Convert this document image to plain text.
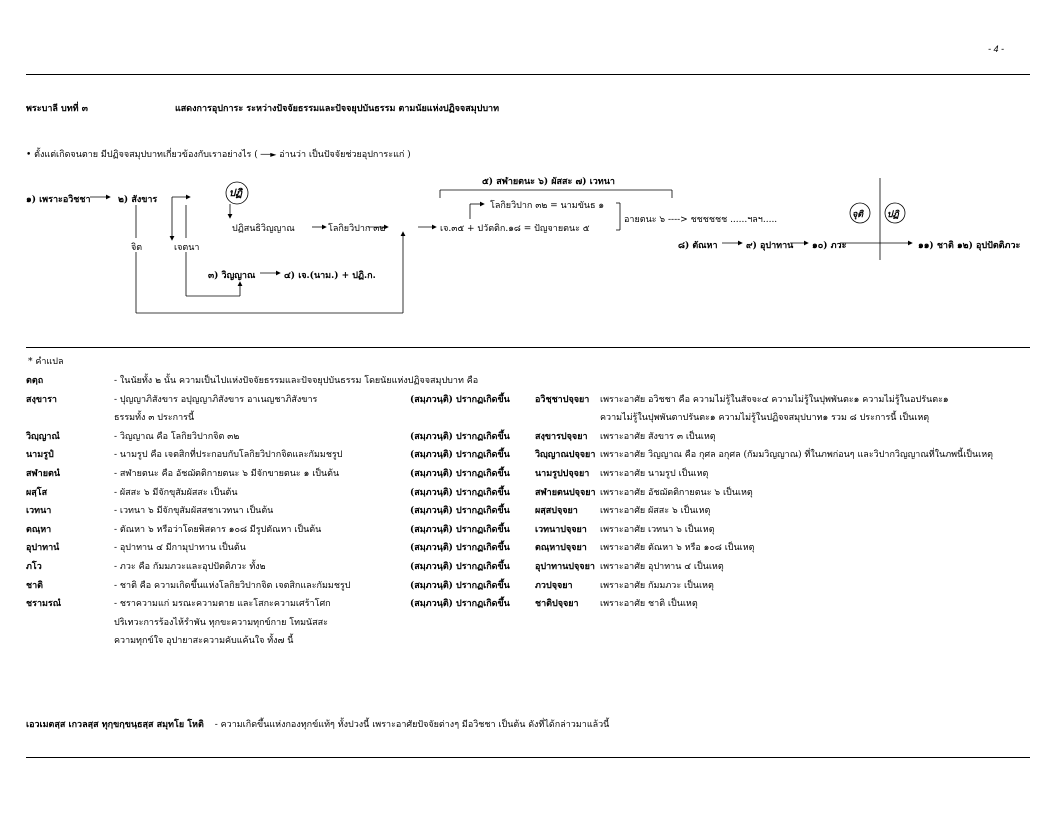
- 4 -
พระบาลี บทที่ ๓	แสดงการอุปการะ ระหว่างปัจจัยธรรมและปัจจยุปบันธรรม ตามนัยแห่งปฏิจจสมุปบาท
• ตั้งแต่เกิดจนตาย มีปฏิจจสมุปบาทเกี่ยวข้องกับเราอย่างไร ( ──► อ่านว่า เป็นปัจจัยช่วยอุปการะแก่ )
๑) เพราะอวิชชา	๒) สังขาร
ปฏิ
จิต	เจตนา
ปฏิสนธิวิญญาณ	โลกิยวิปาก ๓๒
๓) วิญญาณ	๔) เจ.(นาม.) + ปฏิ.ก.
๕) สฬายตนะ ๖) ผัสสะ ๗) เวทนา
โลกิยวิปาก ๓๒ = นามขันธ ๑
เจ.๓๕ + ปวัตติก.๑๘ = ปัญจายตนะ ๕
อายตนะ ๖ ----> ชชชชชช ......ฯลฯ.....	จุติ	ปฏิ
๘) ตัณหา	๙) อุปาทาน ๑๐) ภวะ	๑๑) ชาติ ๑๒) อุปปัตติภวะ
* คำแปล
ตตฺถ	- ในนัยทั้ง ๒ นั้น ความเป็นไปแห่งปัจจัยธรรมและปัจจยุปบันธรรม โดยนัยแห่งปฏิจจสมุปบาท คือ
สงฺขารา	- ปุญญาภิสังขาร อปุญญาภิสังขาร อาเนญชาภิสังขาร	(สมฺภวนฺติ) ปรากฏเกิดขึ้น	อวิชฺชาปจฺจยา เพราะอาศัย อวิชชา คือ ความไม่รู้ในสัจจะ๔ ความไม่รู้ในปุพพันตะ๑ ความไม่รู้ในอปรันตะ๑
ธรรมทั้ง ๓ ประการนี้	ความไม่รู้ในปุพพันตาปรันตะ๑ ความไม่รู้ในปฏิจจสมุปบาท๑ รวม ๘ ประการนี้ เป็นเหตุ
วิญฺญาณํ	- วิญญาณ คือ โลกิยวิปากจิต ๓๒	(สมฺภวนฺติ) ปรากฏเกิดขึ้น	สงฺขารปจฺจยา เพราะอาศัย สังขาร ๓ เป็นเหตุ
นามรูปํ	- นามรูป คือ เจตสิกที่ประกอบกับโลกิยวิปากจิตและกัมมชรูป	(สมฺภวนฺติ) ปรากฏเกิดขึ้น	วิญฺญาณปจฺจยา เพราะอาศัย วิญญาณ คือ กุศล อกุศล (กัมมวิญญาณ) ที่ในภพก่อนๆ และวิปากวิญญาณที่ในภพนี้เป็นเหตุ
สฬายตนํ	- สฬายตนะ คือ อัชฌัตติกายตนะ ๖ มีจักขายตนะ ๑ เป็นต้น	(สมฺภวนฺติ) ปรากฏเกิดขึ้น	นามรูปปจฺจยา เพราะอาศัย นามรูป เป็นเหตุ
ผสฺโส	- ผัสสะ ๖ มีจักขุสัมผัสสะ เป็นต้น	(สมฺภวนฺติ) ปรากฏเกิดขึ้น	สฬายตนปจฺจยา เพราะอาศัย อัชฌัตติกายตนะ ๖ เป็นเหตุ
เวทนา	- เวทนา ๖ มีจักขุสัมผัสสชาเวทนา เป็นต้น	(สมฺภวนฺติ) ปรากฏเกิดขึ้น	ผสฺสปจฺจยา เพราะอาศัย ผัสสะ ๖ เป็นเหตุ
ตณฺหา	- ตัณหา ๖ หรือว่าโดยพิสดาร ๑๐๘ มีรูปตัณหา เป็นต้น	(สมฺภวนฺติ) ปรากฏเกิดขึ้น	เวทนาปจฺจยา เพราะอาศัย เวทนา ๖ เป็นเหตุ
อุปาทานํ	- อุปาทาน ๔ มีกามุปาทาน เป็นต้น	(สมฺภวนฺติ) ปรากฏเกิดขึ้น	ตณฺหาปจฺจยา เพราะอาศัย ตัณหา ๖ หรือ ๑๐๘ เป็นเหตุ
ภโว	- ภวะ คือ กัมมภวะและอุปปัตติภวะ ทั้ง๒	(สมฺภวนฺติ) ปรากฏเกิดขึ้น	อุปาทานปจฺจยา เพราะอาศัย อุปาทาน ๔ เป็นเหตุ
ชาติ	- ชาติ คือ ความเกิดขึ้นแห่งโลกิยวิปากจิต เจตสิกและกัมมชรูป	(สมฺภวนฺติ) ปรากฏเกิดขึ้น	ภวปจฺจยา	เพราะอาศัย กัมมภวะ เป็นเหตุ
ชรามรณํ	- ชราความแก่ มรณะความตาย และโสกะความเศร้าโศก	(สมฺภวนฺติ) ปรากฏเกิดขึ้น	ชาติปจฺจยา เพราะอาศัย ชาติ เป็นเหตุ
ปริเทวะการร้องไห้รำพัน ทุกขะความทุกข์กาย โทมนัสสะ
ความทุกข์ใจ อุปายาสะความคับแค้นใจ ทั้ง๗ นี้
เอวเมตสฺส เกวลสฺส ทุกฺขกฺขนฺธสฺส สมุทโย โหติ - ความเกิดขึ้นแห่งกองทุกข์แท้ๆ ทั้งปวงนี้ เพราะอาศัยปัจจัยต่างๆ มีอวิชชา เป็นต้น ดังที่ได้กล่าวมาแล้วนี้
